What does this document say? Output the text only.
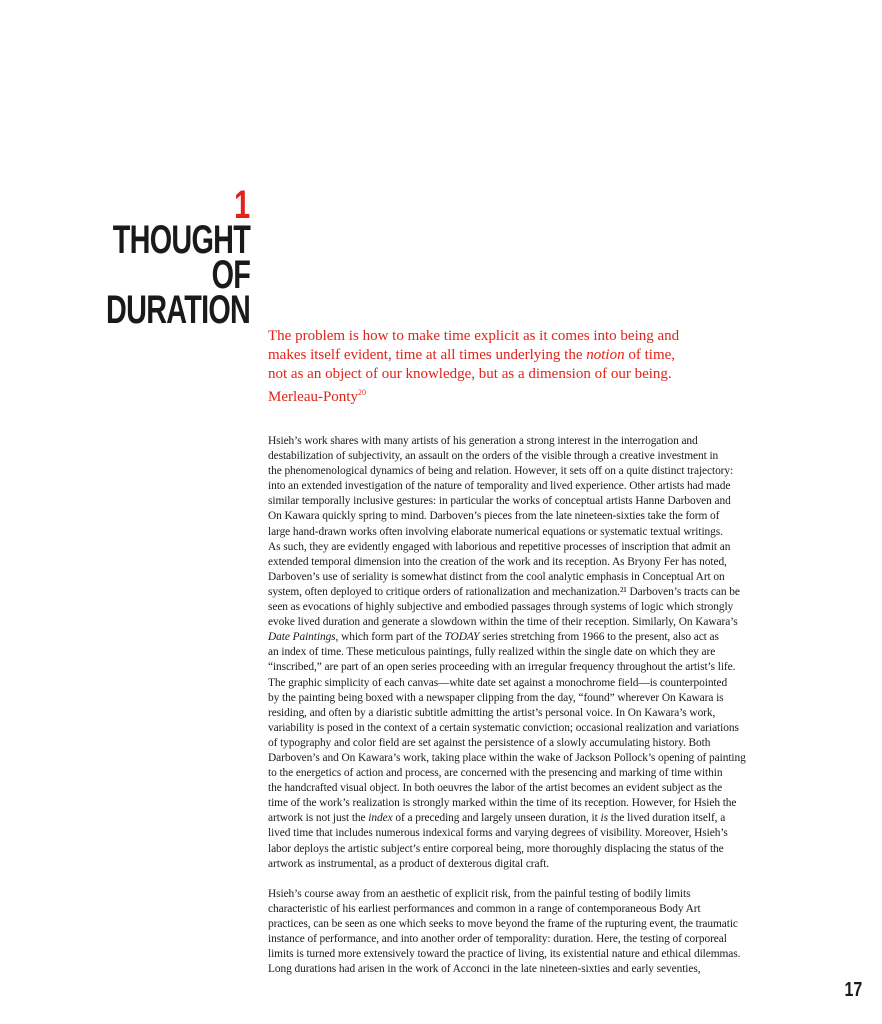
1
THOUGHT
OF
DURATION

The problem is how to make time explicit as it comes into being and

makes itself evident, time at all times underlying the notion of time,

not as an object of our knowledge, but as a dimension of our being.

Merleau-Ponty$^{20}$

Hsieh’s work shares with many artists of his generation a strong interest in the interrogation and
destabilization of subjectivity, an assault on the orders of the visible through a creative investment in
the phenomenological dynamics of being and relation. However, it sets off on a quite distinct trajectory:
into an extended investigation of the nature of temporality and lived experience. Other artists had made
similar temporally inclusive gestures: in particular the works of conceptual artists Hanne Darboven and
On Kawara quickly spring to mind. Darboven’s pieces from the late nineteen-sixties take the form of
large hand-drawn works often involving elaborate numerical equations or systematic textual writings.
As such, they are evidently engaged with laborious and repetitive processes of inscription that admit an
extended temporal dimension into the creation of the work and its reception. As Bryony Fer has noted,
Darboven’s use of seriality is somewhat distinct from the cool analytic emphasis in Conceptual Art on
system, often deployed to critique orders of rationalization and mechanization.²¹ Darboven’s tracts can be
seen as evocations of highly subjective and embodied passages through systems of logic which strongly
evoke lived duration and generate a slowdown within the time of their reception. Similarly, On Kawara’s
Date Paintings, which form part of the TODAY series stretching from 1966 to the present, also act as
an index of time. These meticulous paintings, fully realized within the single date on which they are
“inscribed,” are part of an open series proceeding with an irregular frequency throughout the artist’s life.
The graphic simplicity of each canvas—white date set against a monochrome field—is counterpointed
by the painting being boxed with a newspaper clipping from the day, “found” wherever On Kawara is
residing, and often by a diaristic subtitle admitting the artist’s personal voice. In On Kawara’s work,
variability is posed in the context of a certain systematic conviction; occasional realization and variations
of typography and color field are set against the persistence of a slowly accumulating history. Both
Darboven’s and On Kawara’s work, taking place within the wake of Jackson Pollock’s opening of painting
to the energetics of action and process, are concerned with the presencing and marking of time within
the handcrafted visual object. In both oeuvres the labor of the artist becomes an evident subject as the
time of the work’s realization is strongly marked within the time of its reception. However, for Hsieh the
artwork is not just the index of a preceding and largely unseen duration, it is the lived duration itself, a
lived time that includes numerous indexical forms and varying degrees of visibility. Moreover, Hsieh’s
labor deploys the artistic subject’s entire corporeal being, more thoroughly displacing the status of the
artwork as instrumental, as a product of dexterous digital craft.

Hsieh’s course away from an aesthetic of explicit risk, from the painful testing of bodily limits
characteristic of his earliest performances and common in a range of contemporaneous Body Art
practices, can be seen as one which seeks to move beyond the frame of the rupturing event, the traumatic
instance of performance, and into another order of temporality: duration. Here, the testing of corporeal
limits is turned more extensively toward the practice of living, its existential nature and ethical dilemmas.
Long durations had arisen in the work of Acconci in the late nineteen-sixties and early seventies,

17
